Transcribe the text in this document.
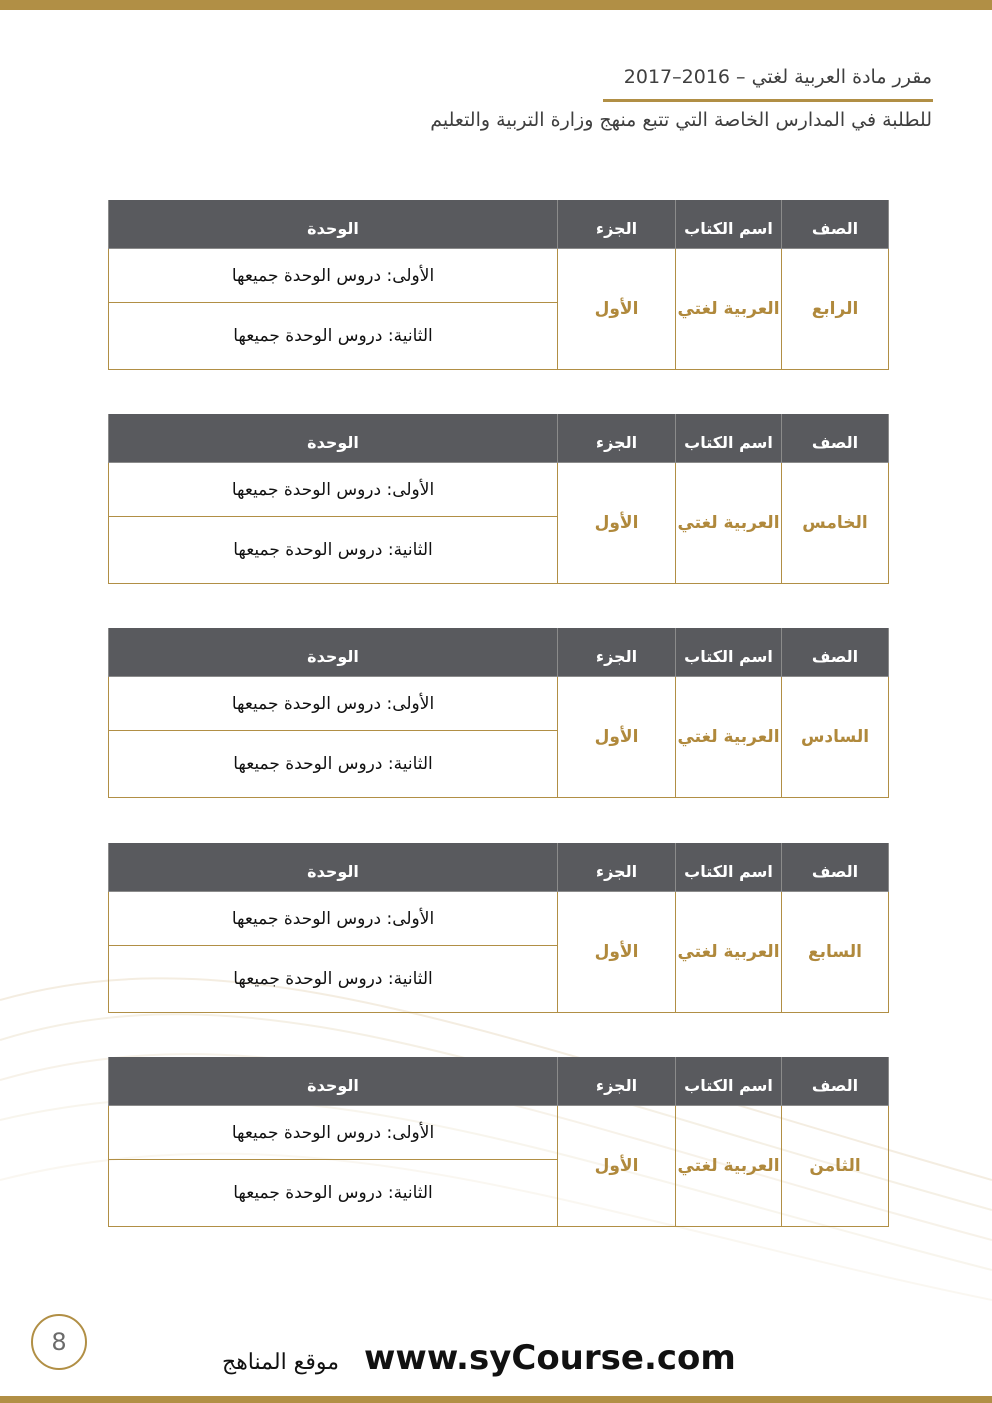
مقرر مادة العربية لغتي – 2016–2017
للطلبة في المدارس الخاصة التي تتبع منهج وزارة التربية والتعليم
الصف	اسم الكتاب	الجزء	الوحدة
الرابع	العربية لغتي	الأول	الأولى: دروس الوحدة جميعها
			الثانية: دروس الوحدة جميعها
الصف	اسم الكتاب	الجزء	الوحدة
الخامس	العربية لغتي	الأول	الأولى: دروس الوحدة جميعها
			الثانية: دروس الوحدة جميعها
الصف	اسم الكتاب	الجزء	الوحدة
السادس	العربية لغتي	الأول	الأولى: دروس الوحدة جميعها
			الثانية: دروس الوحدة جميعها
الصف	اسم الكتاب	الجزء	الوحدة
السابع	العربية لغتي	الأول	الأولى: دروس الوحدة جميعها
			الثانية: دروس الوحدة جميعها
الصف	اسم الكتاب	الجزء	الوحدة
الثامن	العربية لغتي	الأول	الأولى: دروس الوحدة جميعها
			الثانية: دروس الوحدة جميعها
8
موقع المناهج www.syCourse.com
